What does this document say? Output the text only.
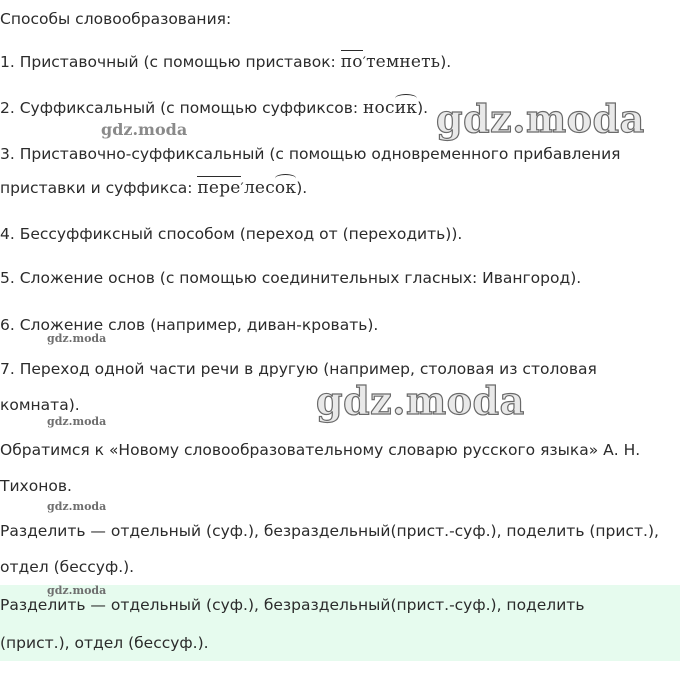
Способы словообразования:
1. Приставочный (с помощью приставок: по′темнеть).
2. Суффиксальный (с помощью суффиксов: носик).
3. Приставочно-суффиксальный (с помощью одновременного прибавления
приставки и суффикса: пере′лесок).
4. Бессуффиксный способом (переход от (переходить)).
5. Сложение основ (с помощью соединительных гласных: Ивангород).
6. Сложение слов (например, диван-кровать).
7. Переход одной части речи в другую (например, столовая из столовая
комната).
Обратимся к «Новому словообразовательному словарю русского языка» А. Н.
Тихонов.
Разделить — отдельный (суф.), безраздельный(прист.-суф.), поделить (прист.),
отдел (бессуф.).
Разделить — отдельный (суф.), безраздельный(прист.-суф.), поделить
(прист.), отдел (бессуф.).
gdz.moda
gdz.moda
gdz.moda
gdz.moda
gdz.moda
gdz.moda
gdz.moda
